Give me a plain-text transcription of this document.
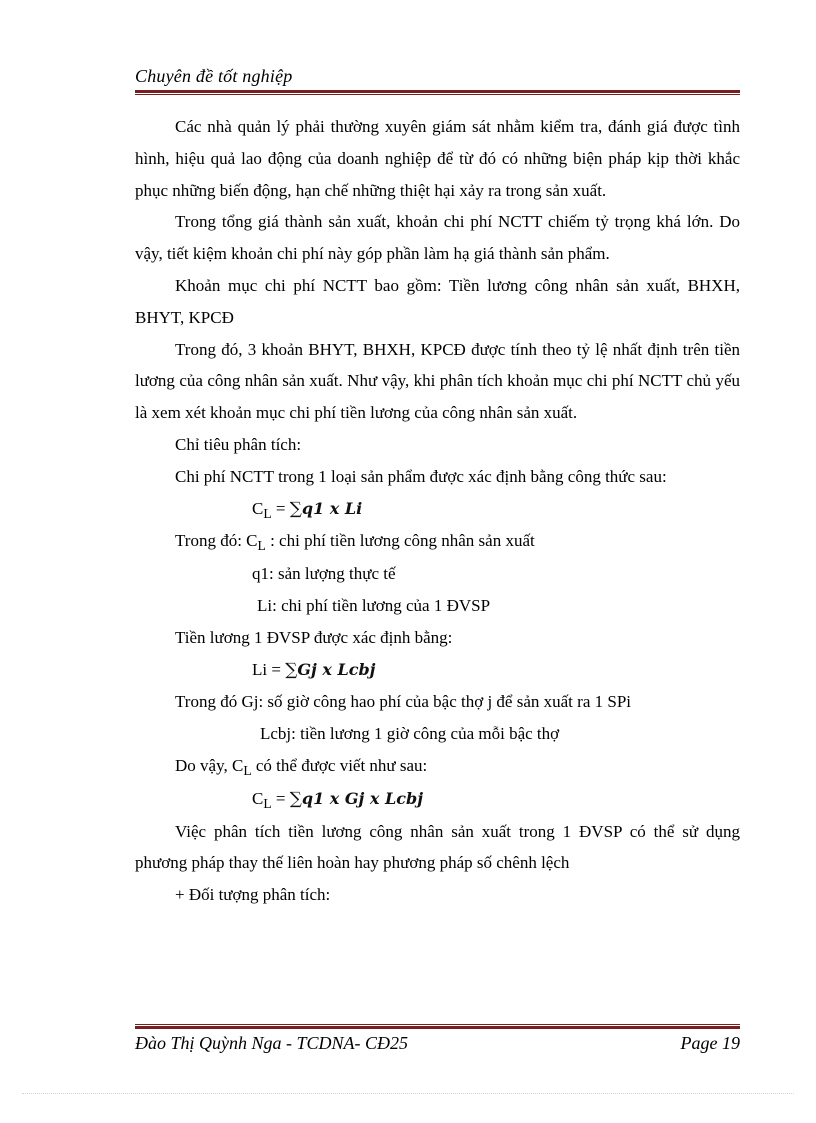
Chuyên đề tốt nghiệp

Các nhà quản lý phải thường xuyên giám sát nhằm kiểm tra, đánh giá được tình hình, hiệu quả lao động của doanh nghiệp để từ đó có những biện pháp kịp thời khắc phục những biến động, hạn chế những thiệt hại xảy ra trong sản xuất.

Trong tổng giá thành sản xuất, khoản chi phí NCTT chiếm tỷ trọng khá lớn. Do vậy, tiết kiệm khoản chi phí này góp phần làm hạ giá thành sản phẩm.

Khoản mục chi phí NCTT bao gồm: Tiền lương công nhân sản xuất, BHXH, BHYT, KPCĐ

Trong đó, 3 khoản BHYT, BHXH, KPCĐ được tính theo tỷ lệ nhất định trên tiền lương của công nhân sản xuất. Như vậy, khi phân tích khoản mục chi phí NCTT chủ yếu là xem xét khoản mục chi phí tiền lương của công nhân sản xuất.

Chỉ tiêu phân tích:

Chi phí NCTT trong 1 loại sản phẩm được xác định bằng công thức sau:

$C_L = \sum q1$ x Li

Trong đó: $C_L$ : chi phí tiền lương công nhân sản xuất

q1: sản lượng thực tế

Li: chi phí tiền lương của 1 ĐVSP

Tiền lương 1 ĐVSP được xác định bằng:

Li = ∑Gj x Lcbj

Trong đó Gj: số giờ công hao phí của bậc thợ j để sản xuất ra 1 SPi

Lcbj: tiền lương 1 giờ công của mỗi bậc thợ

Do vậy, $C_L$ có thể được viết như sau:

$C_L = \sum q1$ x Gj x Lcbj

Việc phân tích tiền lương công nhân sản xuất trong 1 ĐVSP có thể sử dụng phương pháp thay thế liên hoàn hay phương pháp số chênh lệch

+ Đối tượng phân tích:

Đào Thị Quỳnh Nga - TCDNA- CĐ25	Page 19
